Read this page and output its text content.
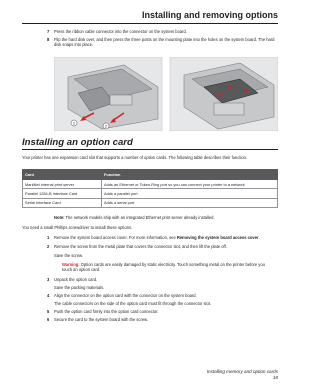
Installing and removing options
7 Press the ribbon cable connector into the connector on the system board.
8 Flip the hard disk over, and then press the three posts on the mounting plate into the holes on the system board. The hard disk snaps into place.
1
2
Installing an option card
Your printer has one expansion card slot that supports a number of option cards. The following table describes their function.
Card	Function
MarkNet internal print server	Adds an Ethernet or Token-Ring port so you can connect your printer to a network
Parallel 1284-B Interface Card	Adds a parallel port
Serial Interface Card	Adds a serial port
Note: The network models ship with an integrated Ethernet print server already installed.
You need a small Phillips screwdriver to install these options.
1 Remove the system board access cover. For more information, see Removing the system board access cover.
2 Remove the screw from the metal plate that covers the connector slot, and then lift the plate off.
Save the screw.
Warning: Option cards are easily damaged by static electricity. Touch something metal on the printer before you touch an option card.
3 Unpack the option card.
Save the packing materials.
4 Align the connector on the option card with the connector on the system board.
The cable connectors on the side of the option card must fit through the connector slot.
5 Push the option card firmly into the option card connector.
6 Secure the card to the system board with the screw.
Installing memory and option cards
18
